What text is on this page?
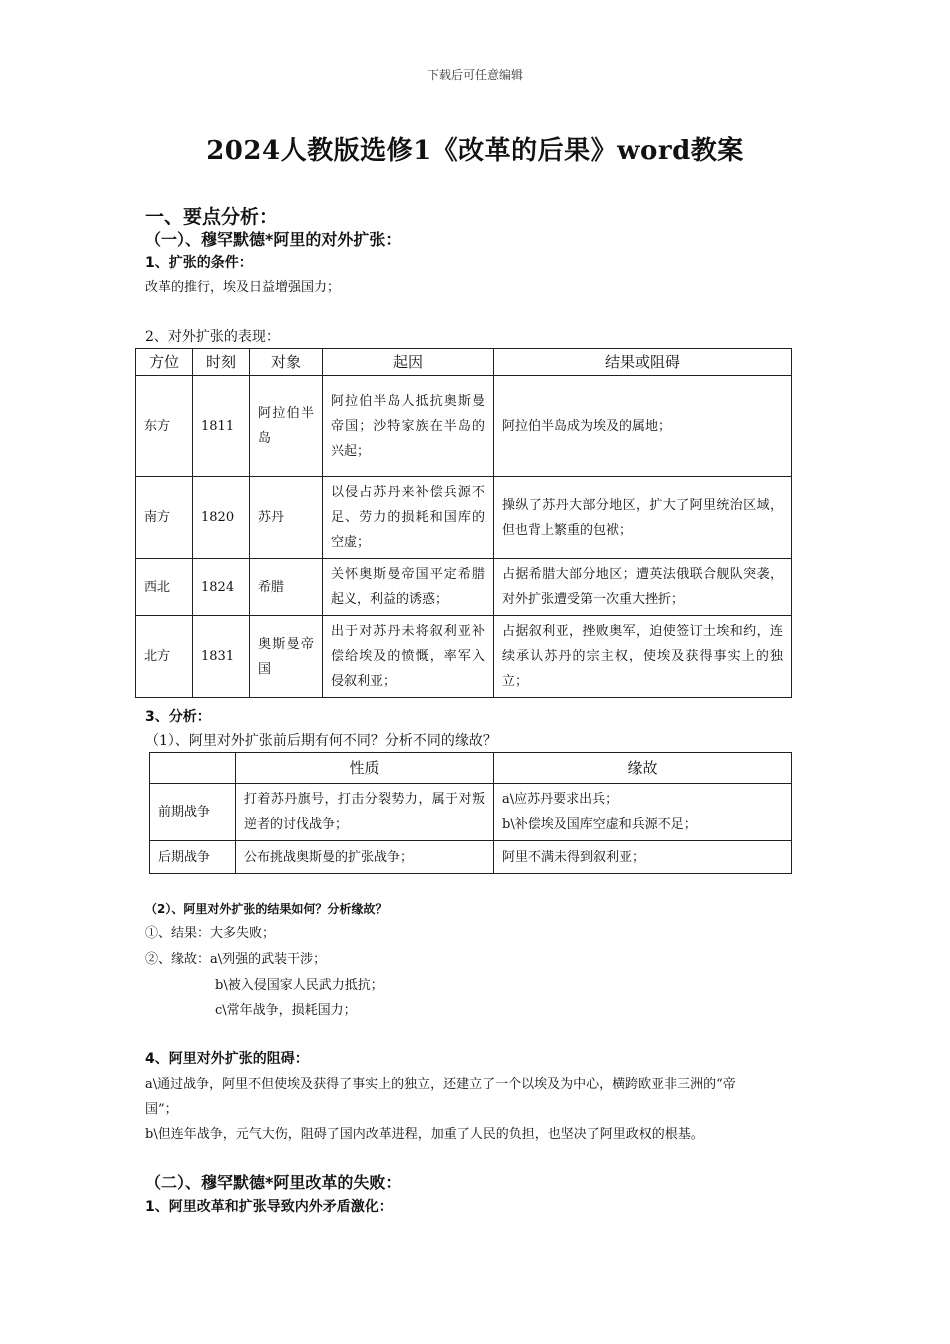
下载后可任意编辑
2024人教版选修1《改革的后果》word教案
一、要点分析：
（一）、穆罕默德*阿里的对外扩张：
1、扩张的条件：
改革的推行，埃及日益增强国力；
2、对外扩张的表现：
方位	时刻	对象	起因	结果或阻碍
东方	1811	阿拉伯半岛	阿拉伯半岛人抵抗奥斯曼帝国；沙特家族在半岛的兴起；	阿拉伯半岛成为埃及的属地；
南方	1820	苏丹	以侵占苏丹来补偿兵源不足、劳力的损耗和国库的空虚；	操纵了苏丹大部分地区，扩大了阿里统治区域，但也背上繁重的包袱；
西北	1824	希腊	关怀奥斯曼帝国平定希腊起义，利益的诱惑；	占据希腊大部分地区；遭英法俄联合舰队突袭，对外扩张遭受第一次重大挫折；
北方	1831	奥斯曼帝国	出于对苏丹未将叙利亚补偿给埃及的愤慨，率军入侵叙利亚；	占据叙利亚，挫败奥军，迫使签订土埃和约，连续承认苏丹的宗主权，使埃及获得事实上的独立；
3、分析：
（1）、阿里对外扩张前后期有何不同？分析不同的缘故？
	性质	缘故
前期战争	打着苏丹旗号，打击分裂势力，属于对叛逆者的讨伐战争；	a\应苏丹要求出兵；
b\补偿埃及国库空虚和兵源不足；

后期战争	公布挑战奥斯曼的扩张战争；	阿里不满未得到叙利亚；
（2）、阿里对外扩张的结果如何？分析缘故？
①、结果：大多失败；
②、缘故：a\列强的武装干涉；
b\被入侵国家人民武力抵抗；
c\常年战争，损耗国力；
4、阿里对外扩张的阻碍：
a\通过战争，阿里不但使埃及获得了事实上的独立，还建立了一个以埃及为中心，横跨欧亚非三洲的“帝
国”；
b\但连年战争，元气大伤，阻碍了国内改革进程，加重了人民的负担，也坚决了阿里政权的根基。
（二）、穆罕默德*阿里改革的失败：
1、阿里改革和扩张导致内外矛盾激化：
